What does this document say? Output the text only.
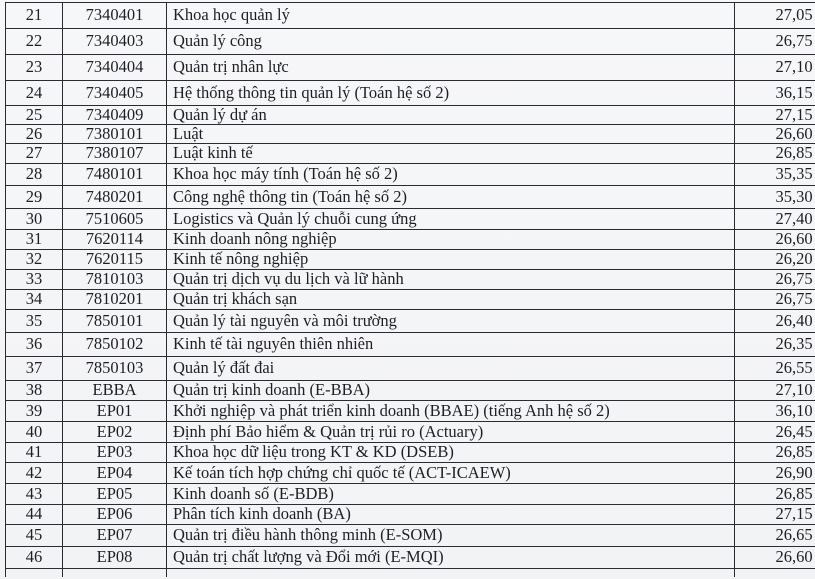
21	7340401	Khoa học quản lý	27,05
22	7340403	Quản lý công	26,75
23	7340404	Quản trị nhân lực	27,10
24	7340405	Hệ thống thông tin quản lý (Toán hệ số 2)	36,15
25	7340409	Quản lý dự án	27,15
26	7380101	Luật	26,60
27	7380107	Luật kinh tế	26,85
28	7480101	Khoa học máy tính (Toán hệ số 2)	35,35
29	7480201	Công nghệ thông tin (Toán hệ số 2)	35,30
30	7510605	Logistics và Quản lý chuỗi cung ứng	27,40
31	7620114	Kinh doanh nông nghiệp	26,60
32	7620115	Kinh tế nông nghiệp	26,20
33	7810103	Quản trị dịch vụ du lịch và lữ hành	26,75
34	7810201	Quản trị khách sạn	26,75
35	7850101	Quản lý tài nguyên và môi trường	26,40
36	7850102	Kinh tế tài nguyên thiên nhiên	26,35
37	7850103	Quản lý đất đai	26,55
38	EBBA	Quản trị kinh doanh (E-BBA)	27,10
39	EP01	Khởi nghiệp và phát triển kinh doanh (BBAE) (tiếng Anh hệ số 2)	36,10
40	EP02	Định phí Bảo hiểm & Quản trị rủi ro (Actuary)	26,45
41	EP03	Khoa học dữ liệu trong KT & KD (DSEB)	26,85
42	EP04	Kế toán tích hợp chứng chỉ quốc tế (ACT-ICAEW)	26,90
43	EP05	Kinh doanh số (E-BDB)	26,85
44	EP06	Phân tích kinh doanh (BA)	27,15
45	EP07	Quản trị điều hành thông minh (E-SOM)	26,65
46	EP08	Quản trị chất lượng và Đổi mới (E-MQI)	26,60
